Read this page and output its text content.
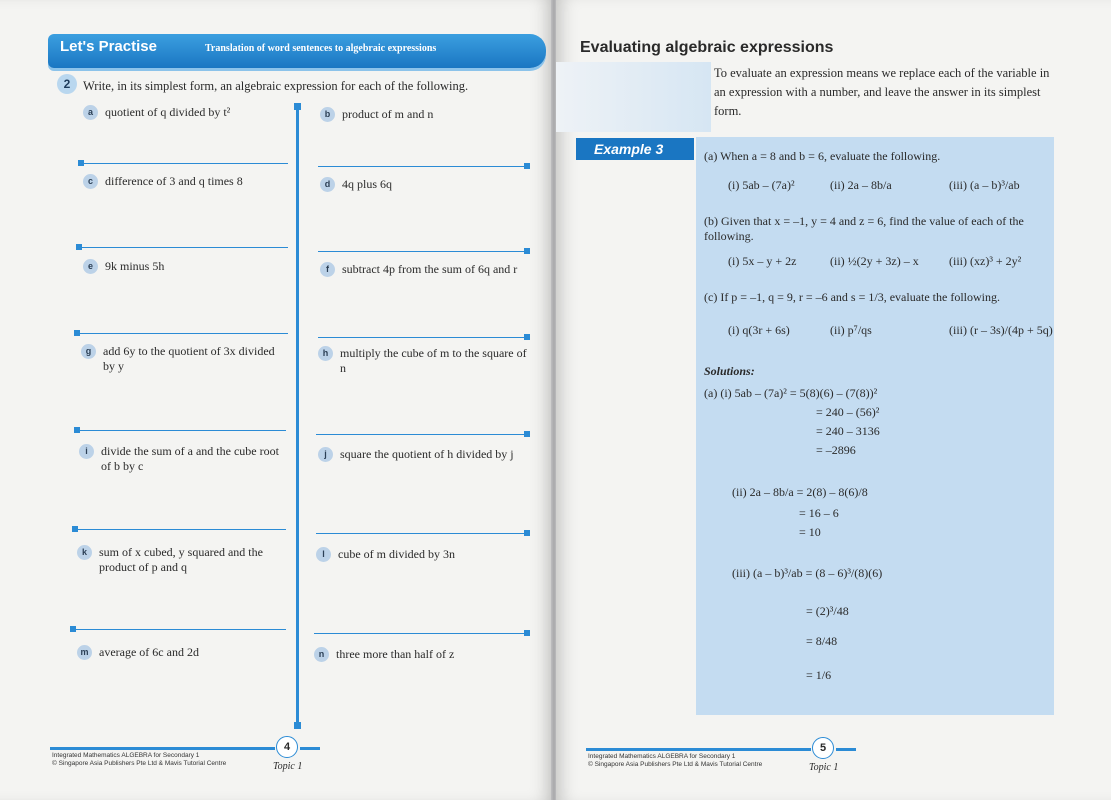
Let's Practise	Translation of word sentences to algebraic expressions
2	Write, in its simplest form, an algebraic expression for each of the following.
a quotient of q divided by t²	b product of m and n
c difference of 3 and q times 8	d 4q plus 6q
e 9k minus 5h	f subtract 4p from the sum of 6q and r
g add 6y to the quotient of 3x divided by y
h multiply the cube of m to the square of n
i divide the sum of a and the cube root of b by c
j square the quotient of h divided by j
k sum of x cubed, y squared and the product of p and q
l cube of m divided by 3n
m average of 6c and 2d	n three more than half of z
Integrated Mathematics ALGEBRA for Secondary 1
© Singapore Asia Publishers Pte Ltd & Mavis Tutorial Centre
4
Topic 1
Evaluating algebraic expressions
To evaluate an expression means we replace each of the variable in an expression with a number, and leave the answer in its simplest form.
Example 3	(a) When a = 8 and b = 6, evaluate the following.
(i) 5ab – (7a)²	(ii) 2a – 8b/a	(iii) (a – b)³/ab
(b) Given that x = –1, y = 4 and z = 6, find the value of each of the following.
(i) 5x – y + 2z	(ii) ½(2y + 3z) – x	(iii) (xz)³ + 2y²
(c) If p = –1, q = 9, r = –6 and s = 1/3, evaluate the following.
(i) q(3r + 6s)	(ii) p⁷/qs	(iii) (r – 3s)/(4p + 5q)
Solutions:
(a) (i) 5ab – (7a)² = 5(8)(6) – (7(8))²
= 240 – (56)²
= 240 – 3136
= –2896
(ii) 2a – 8b/a = 2(8) – 8(6)/8
= 16 – 6
= 10
(iii) (a – b)³/ab = (8 – 6)³/(8)(6)
= (2)³/48
= 8/48
= 1/6
Integrated Mathematics ALGEBRA for Secondary 1
© Singapore Asia Publishers Pte Ltd & Mavis Tutorial Centre
5
Topic 1
